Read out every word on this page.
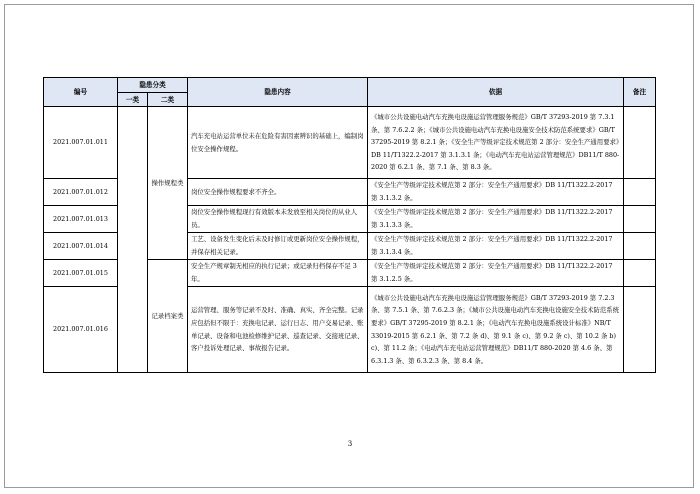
编号	隐患分类		隐患内容	依据	备注
	一类	二类			
2021.007.01.011		操作规程类	汽车充电站运营单位未在危险有害因素辨识的基础上，编制岗位安全操作规程。	《城市公共设施电动汽车充换电设施运营管理服务规范》GB/T 37293-2019 第 7.3.1 条、第 7.6.2.2 条；《城市公共设施电动汽车充换电设施安全技术防范系统要求》GB/T 37295-2019 第 8.2.1 条；《安全生产等级评定技术规范第 2 部分：安全生产通用要求》DB 11/T1322.2-2017 第 3.1.3.1 条；《电动汽车充电站运营管理规范》DB11/T 880-2020 第 6.2.1 条、第 7.1 条、第 8.3 条。	
2021.007.01.012			岗位安全操作规程要求不齐全。	《安全生产等级评定技术规范第 2 部分：安全生产通用要求》DB 11/T1322.2-2017 第 3.1.3.2 条。	
2021.007.01.013			岗位安全操作规程现行有效版本未发放至相关岗位的从业人员。	《安全生产等级评定技术规范第 2 部分：安全生产通用要求》DB 11/T1322.2-2017 第 3.1.3.3 条。	
2021.007.01.014			工艺、设备发生变化后未及时修订或更新岗位安全操作规程，并保存相关记录。	《安全生产等级评定技术规范第 2 部分：安全生产通用要求》DB 11/T1322.2-2017 第 3.1.3.4 条。	
2021.007.01.015		记录档案类	安全生产规章制无相应的执行记录；或记录归档保存不足 3 年。	《安全生产等级评定技术规范第 2 部分：安全生产通用要求》DB 11/T1322.2-2017 第 3.1.2.5 条。	
2021.007.01.016			运营管理、服务等记录不及时、准确、真实、齐全完整。记录应包括但不限于：充换电记录、运行日志、用户交易记录、账单记录、设备和电池检修维护记录、巡查记录、交接班记录、客户投诉处理记录、事故报告记录。	《城市公共设施电动汽车充换电设施运营管理服务规范》GB/T 37293-2019 第 7.2.3 条、第 7.5.1 条、第 7.6.2.3 条；《城市公共设施电动汽车充换电设施安全技术防范系统要求》GB/T 37295-2019 第 8.2.1 条；《电动汽车充换电设施系统设计标准》NB/T 33019-2015 第 6.2.1 条、第 7.2 条 d)、第 9.1 条 c)、第 9.2 条 c)、第 10.2 条 b) c)、第 11.2 条；《电动汽车充电站运营管理规范》DB11/T 880-2020 第 4.6 条、第 6.3.1.3 条、第 6.3.2.3 条、第 8.4 条。	
3
